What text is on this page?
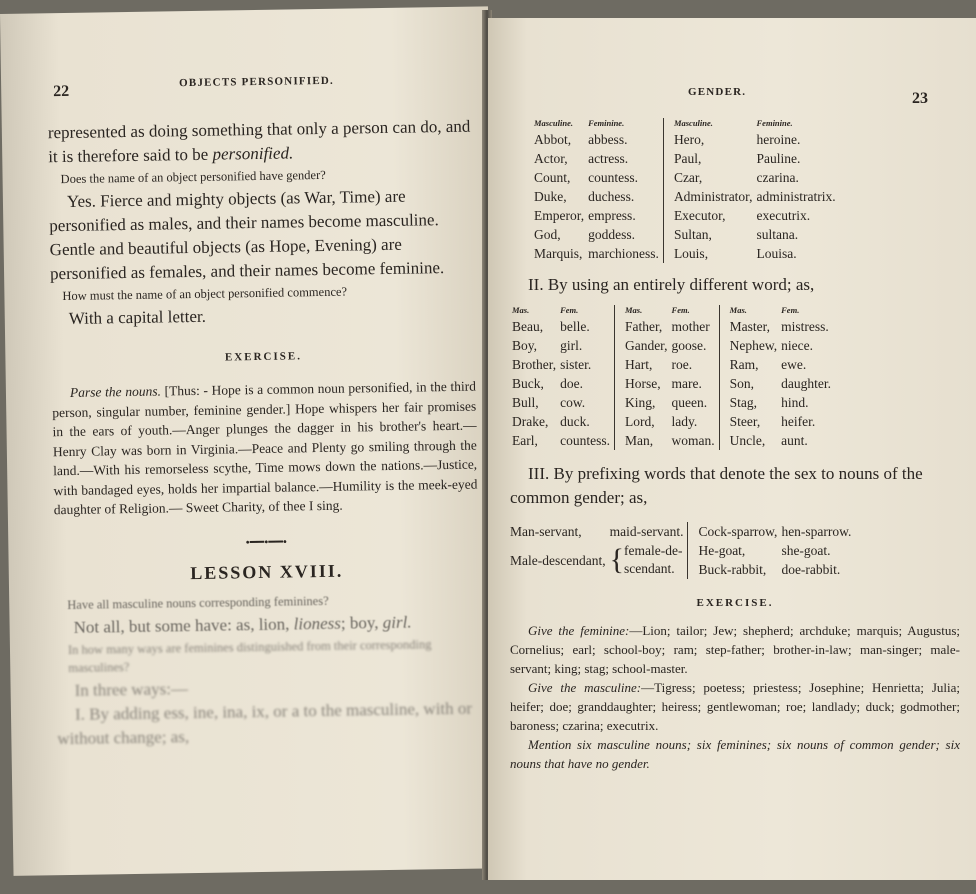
22
OBJECTS PERSONIFIED.

represented as doing something that only a person can do, and it is therefore said to be personified.

Does the name of an object personified have gender?

Yes. Fierce and mighty objects (as War, Time) are personified as males, and their names become masculine. Gentle and beautiful objects (as Hope, Evening) are personified as females, and their names become feminine.

How must the name of an object personified commence?

With a capital letter.

EXERCISE.

Parse the nouns. [Thus: - Hope is a common noun personified, in the third person, singular number, feminine gender.] Hope whispers her fair promises in the ears of youth.—Anger plunges the dagger in his brother's heart.—Henry Clay was born in Virginia.—Peace and Plenty go smiling through the land.—With his remorseless scythe, Time mows down the nations.—Justice, with bandaged eyes, holds her impartial balance.—Humility is the meek-eyed daughter of Religion.— Sweet Charity, of thee I sing.

•━━•━━•

LESSON XVIII.

Have all masculine nouns corresponding feminines?

Not all, but some have: as, lion, lioness; boy, girl.

In how many ways are feminines distinguished from their corresponding masculines?

In three ways:—

I. By adding ess, ine, ina, ix, or a to the masculine, with or without change; as,

GENDER.	23
Masculine.	Feminine.	Masculine.	Feminine.
Abbot,	abbess.	Hero,	heroine.
Actor,	actress.	Paul,	Pauline.
Count,	countess.	Czar,	czarina.
Duke,	duchess.	Administrator,	administratrix.
Emperor,	empress.	Executor,	executrix.
God,	goddess.	Sultan,	sultana.
Marquis,	marchioness.	Louis,	Louisa.

II. By using an entirely different word; as,

Mas.	Fem.	Mas.	Fem.	Mas.	Fem.
Beau,	belle.	Father,	mother	Master,	mistress.
Boy,	girl.	Gander,	goose.	Nephew,	niece.
Brother,	sister.	Hart,	roe.	Ram,	ewe.
Buck,	doe.	Horse,	mare.	Son,	daughter.
Bull,	cow.	King,	queen.	Stag,	hind.
Drake,	duck.	Lord,	lady.	Steer,	heifer.
Earl,	countess.	Man,	woman.	Uncle,	aunt.

III. By prefixing words that denote the sex to nouns of the common gender; as,

Man-servant,	maid-servant.	Cock-sparrow,	hen-sparrow.
Male-descendant,	{female-de-
scendant.	He-goat,	she-goat.
		Buck-rabbit,	doe-rabbit.

EXERCISE.

Give the feminine:—Lion; tailor; Jew; shepherd; archduke; marquis; Augustus; Cornelius; earl; school-boy; ram; step-father; brother-in-law; man-singer; male-servant; king; stag; school-master.

Give the masculine:—Tigress; poetess; priestess; Josephine; Henrietta; Julia; heifer; doe; granddaughter; heiress; gentlewoman; roe; landlady; duck; godmother; baroness; czarina; executrix.

Mention six masculine nouns; six feminines; six nouns of common gender; six nouns that have no gender.
